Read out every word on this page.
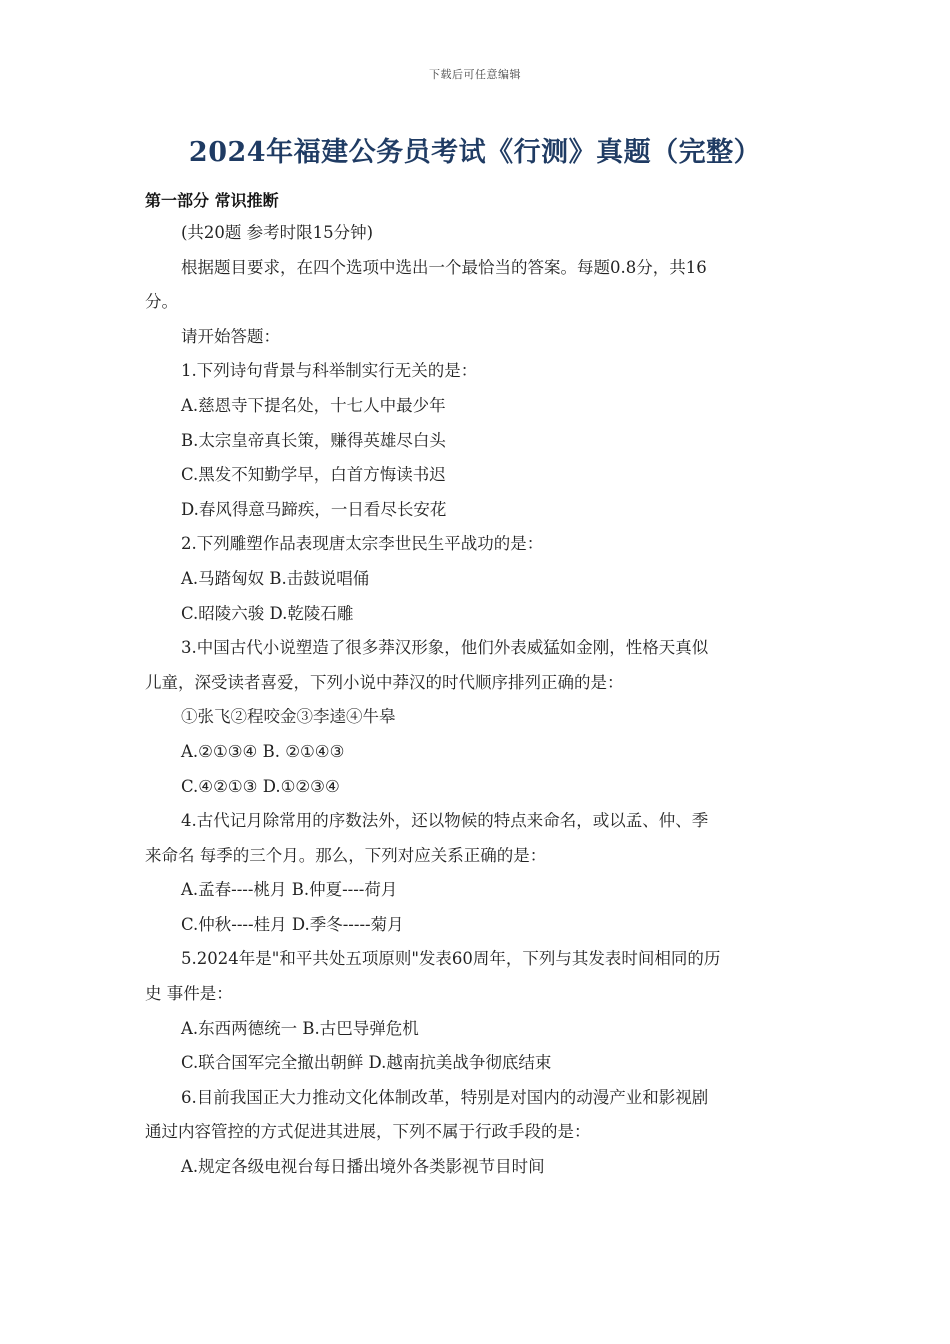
下载后可任意编辑
2024年福建公务员考试《行测》真题（完整）
第一部分 常识推断
(共20题 参考时限15分钟)
根据题目要求，在四个选项中选出一个最恰当的答案。每题0.8分，共16
分。
请开始答题：
1.下列诗句背景与科举制实行无关的是：
A.慈恩寺下提名处，十七人中最少年
B.太宗皇帝真长策，赚得英雄尽白头
C.黑发不知勤学早，白首方悔读书迟
D.春风得意马蹄疾，一日看尽长安花
2.下列雕塑作品表现唐太宗李世民生平战功的是：
A.马踏匈奴 B.击鼓说唱俑
C.昭陵六骏 D.乾陵石雕
3.中国古代小说塑造了很多莽汉形象，他们外表威猛如金刚，性格天真似
儿童，深受读者喜爱，下列小说中莽汉的时代顺序排列正确的是：
①张飞②程咬金③李逵④牛皋
A.②①③④ B. ②①④③
C.④②①③ D.①②③④
4.古代记月除常用的序数法外，还以物候的特点来命名，或以孟、仲、季
来命名 每季的三个月。那么，下列对应关系正确的是：
A.孟春----桃月 B.仲夏----荷月
C.仲秋----桂月 D.季冬-----菊月
5.2024年是"和平共处五项原则"发表60周年，下列与其发表时间相同的历
史 事件是：
A.东西两德统一 B.古巴导弹危机
C.联合国军完全撤出朝鲜 D.越南抗美战争彻底结束
6.目前我国正大力推动文化体制改革，特别是对国内的动漫产业和影视剧
通过内容管控的方式促进其进展，下列不属于行政手段的是：
A.规定各级电视台每日播出境外各类影视节目时间
